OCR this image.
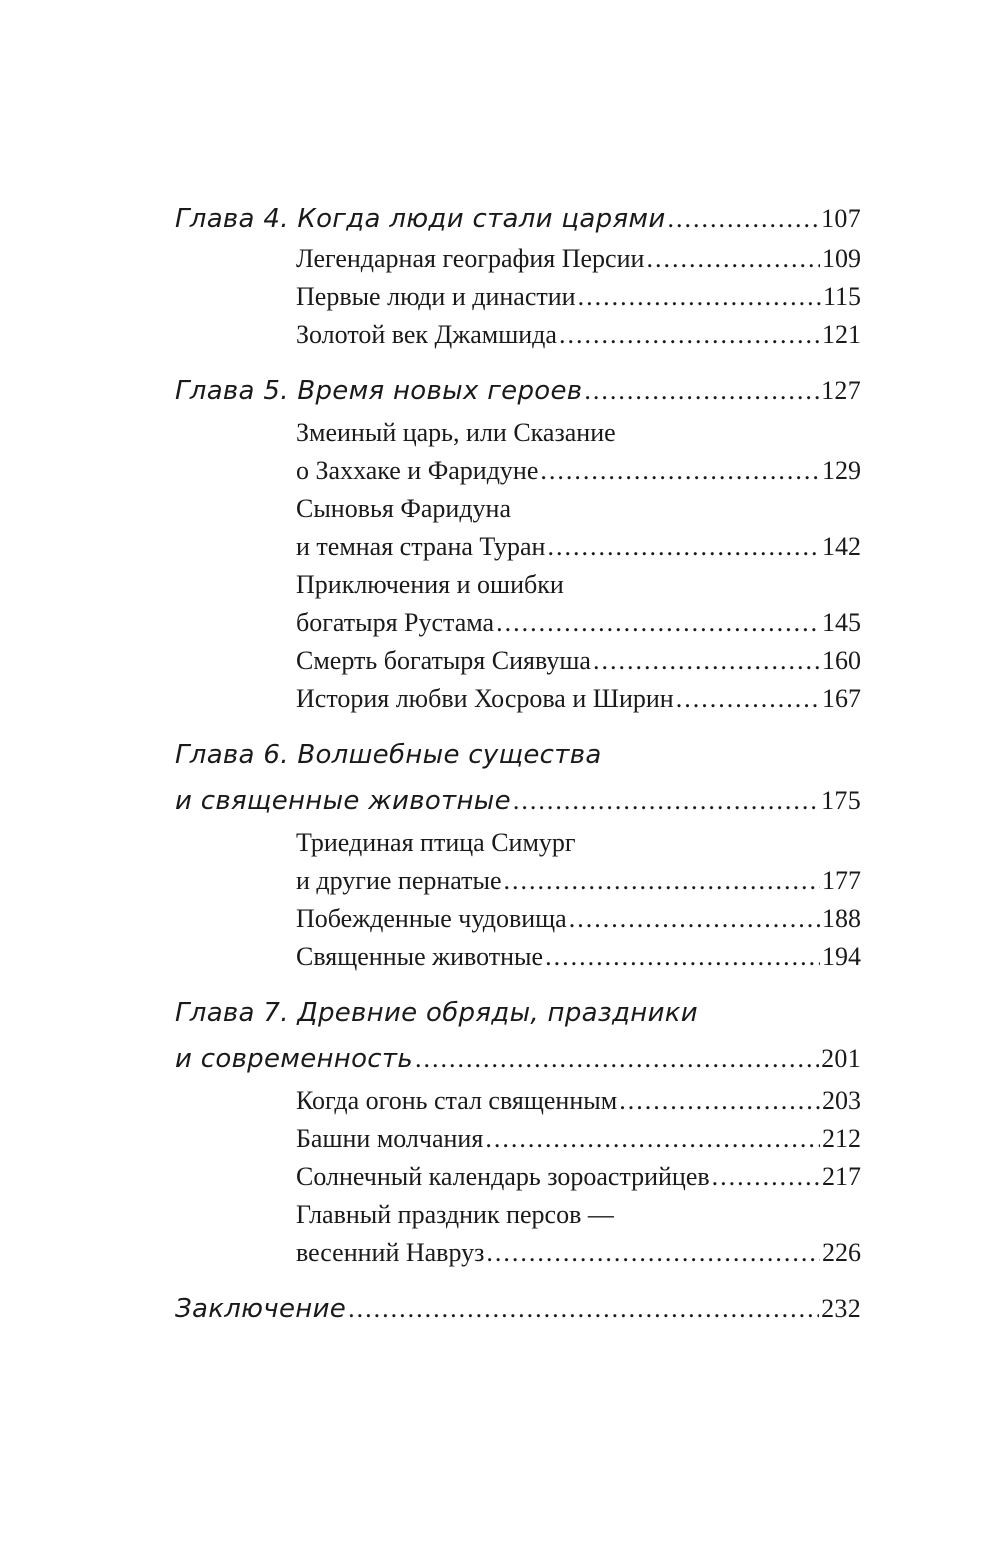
Глава 4. Когда люди стали царями .....	107
Легендарная география Персии .....	109
Первые люди и династии .....	115
Золотой век Джамшида .....	121
Глава 5. Время новых героев .....	127
Змеиный царь, или Сказание
о Заххаке и Фаридуне .....	129
Сыновья Фаридуна
и темная страна Туран .....	142
Приключения и ошибки
богатыря Рустама .....	145
Смерть богатыря Сиявуша .....	160
История любви Хосрова и Ширин .....	167
Глава 6. Волшебные существа
и священные животные .....	175
Триединая птица Симург
и другие пернатые .....	177
Побежденные чудовища .....	188
Священные животные .....	194
Глава 7. Древние обряды, праздники
и современность .....	201
Когда огонь стал священным .....	203
Башни молчания .....	212
Солнечный календарь зороастрийцев .....	217
Главный праздник персов —
весенний Навруз .....	226
Заключение .....	232
